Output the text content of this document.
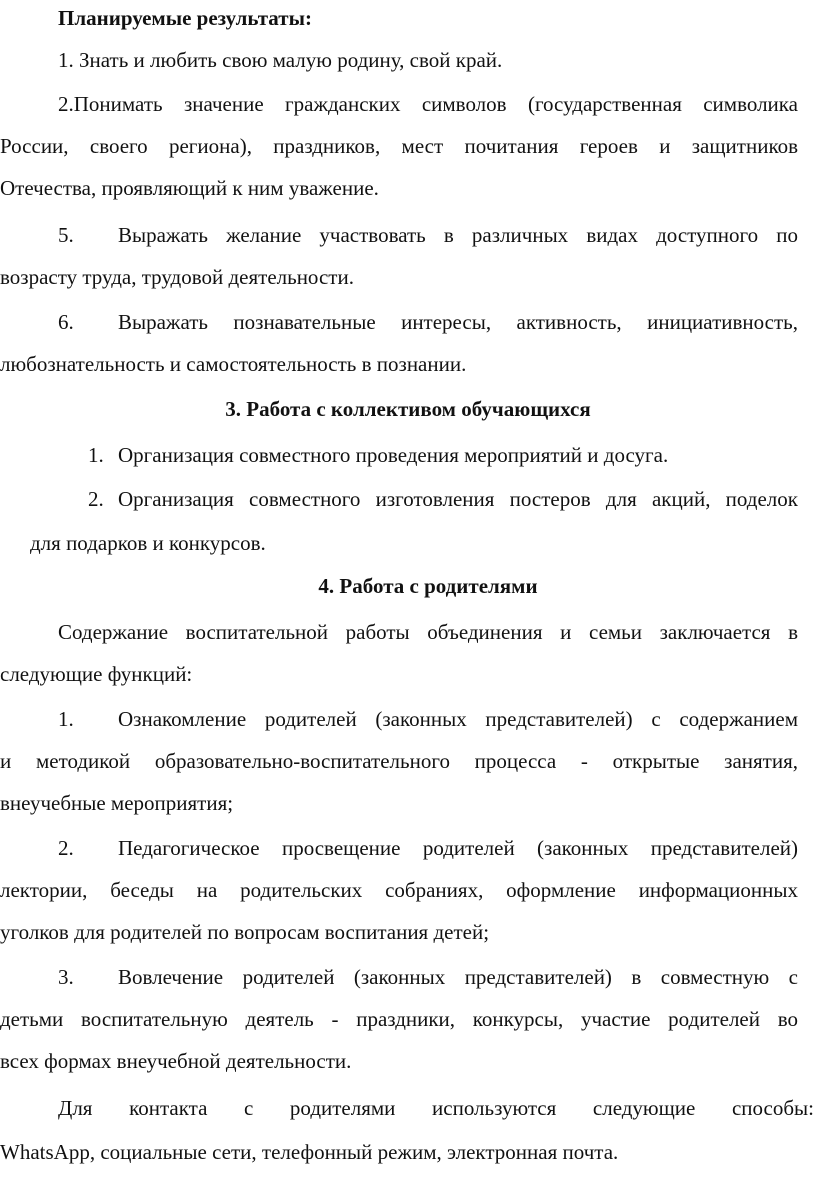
Планируемые результаты:
1. Знать и любить свою малую родину, свой край.
2.Понимать значение гражданских символов (государственная символика
России, своего региона), праздников, мест почитания героев и защитников
Отечества, проявляющий к ним уважение.
5. Выражать желание участвовать в различных видах доступного по
возрасту труда, трудовой деятельности.
6. Выражать познавательные интересы, активность, инициативность,
любознательность и самостоятельность в познании.
3. Работа с коллективом обучающихся
1. Организация совместного проведения мероприятий и досуга.
2. Организация совместного изготовления постеров для акций, поделок
для подарков и конкурсов.
4. Работа с родителями
Содержание воспитательной работы объединения и семьи заключается в
следующие функций:
1. Ознакомление родителей (законных представителей) с содержанием
и методикой образовательно-воспитательного процесса - открытые занятия,
внеучебные мероприятия;
2. Педагогическое просвещение родителей (законных представителей)
лектории, беседы на родительских собраниях, оформление информационных
уголков для родителей по вопросам воспитания детей;
3. Вовлечение родителей (законных представителей) в совместную с
детьми воспитательную деятель - праздники, конкурсы, участие родителей во
всех формах внеучебной деятельности.
Для контакта с родителями используются следующие способы:
WhatsApp, социальные сети, телефонный режим, электронная почта.
